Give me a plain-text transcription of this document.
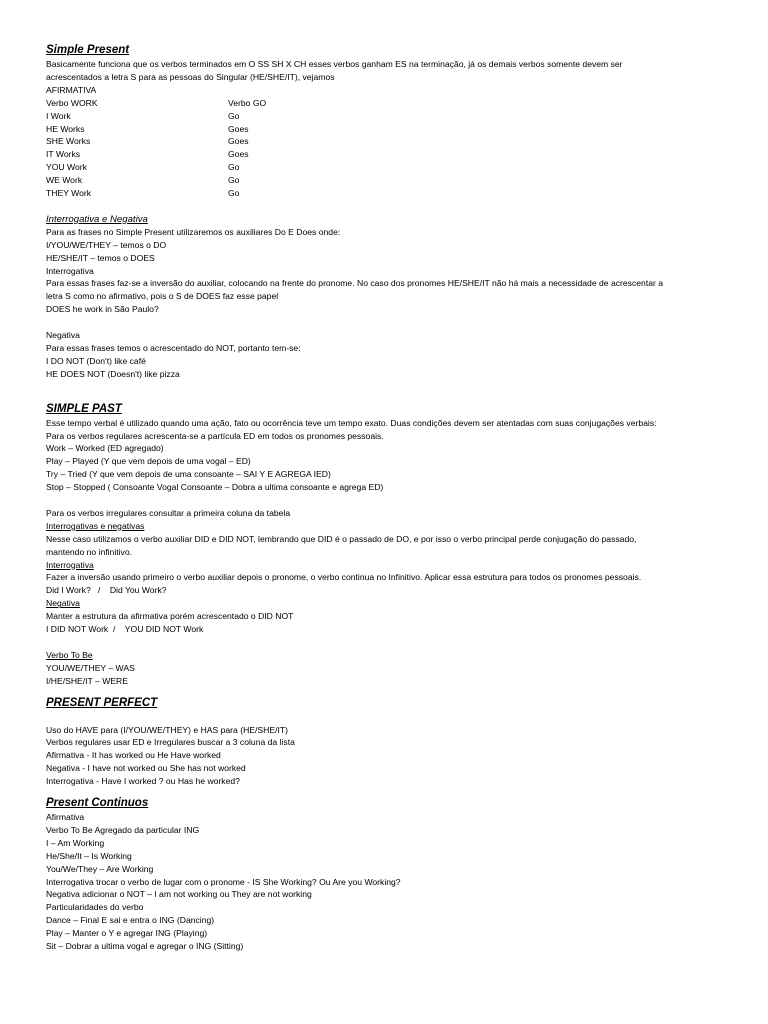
Simple Present
Basicamente funciona que os verbos terminados em O SS SH X CH esses verbos ganham ES na terminação, já os demais verbos somente devem ser
acrescentados a letra S para as pessoas do Singular (HE/SHE/IT), vejamos
AFIRMATIVA
Verbo WORK	Verbo GO
I Work	Go
HE Works	Goes
SHE Works	Goes
IT Works	Goes
YOU Work	Go
WE Work	Go
THEY Work	Go
Interrogativa e Negativa
Para as frases no Simple Present utilizaremos os auxiliares Do E Does onde:
I/YOU/WE/THEY – temos o DO
HE/SHE/IT – temos o DOES
Interrogativa
Para essas frases faz-se a inversão do auxiliar, colocando na frente do pronome. No caso dos pronomes HE/SHE/IT não há mais a necessidade de acrescentar a
letra S como no afirmativo, pois o S de DOES faz esse papel
DOES he work in São Paulo?
Negativa
Para essas frases temos o acrescentado do NOT, portanto tem-se:
I DO NOT (Don't) like café
HE DOES NOT (Doesn't) like pizza
SIMPLE PAST
Esse tempo verbal é utilizado quando uma ação, fato ou ocorrência teve um tempo exato. Duas condições devem ser atentadas com suas conjugações verbais:
Para os verbos regulares acrescenta-se a partícula ED em todos os pronomes pessoais.
Work – Worked (ED agregado)
Play – Played (Y que vem depois de uma vogal – ED)
Try – Tried (Y que vem depois de uma consoante – SAI Y E AGREGA IED)
Stop – Stopped ( Consoante Vogal Consoante – Dobra a ultima consoante e agrega ED)
Para os verbos irregulares consultar a primeira coluna da tabela
Interrogativas e negativas
Nesse caso utilizamos o verbo auxiliar DID e DID NOT, lembrando que DID é o passado de DO, e por isso o verbo principal perde conjugação do passado,
mantendo no infinitivo.
Interrogativa
Fazer a inversão usando primeiro o verbo auxiliar depois o pronome, o verbo continua no Infinitivo. Aplicar essa estrutura para todos os pronomes pessoais.
Did I Work?   /    Did You Work?
Negativa
Manter a estrutura da afirmativa porém acrescentado o DID NOT
I DID NOT Work  /    YOU DID NOT Work
Verbo To Be
YOU/WE/THEY – WAS
I/HE/SHE/IT – WERE
PRESENT PERFECT
Uso do HAVE para (I/YOU/WE/THEY) e HAS para (HE/SHE/IT)
Verbos regulares usar ED e Irregulares buscar a 3 coluna da lista
Afirmativa - It has worked ou He Have worked
Negativa - I have not worked ou She has not worked
Interrogativa - Have I worked ? ou Has he worked?
Present Continuos
Afirmativa
Verbo To Be Agregado da particular ING
I – Am Working
He/She/It – Is Working
You/We/They – Are Working
Interrogativa trocar o verbo de lugar com o pronome - IS She Working? Ou Are you Working?
Negativa adicionar o NOT – I am not working ou They are not working
Particularidades do verbo
Dance – Final E sai e entra o ING (Dancing)
Play – Manter o Y e agregar ING (Playing)
Sit – Dobrar a ultima vogal e agregar o ING (Sitting)
